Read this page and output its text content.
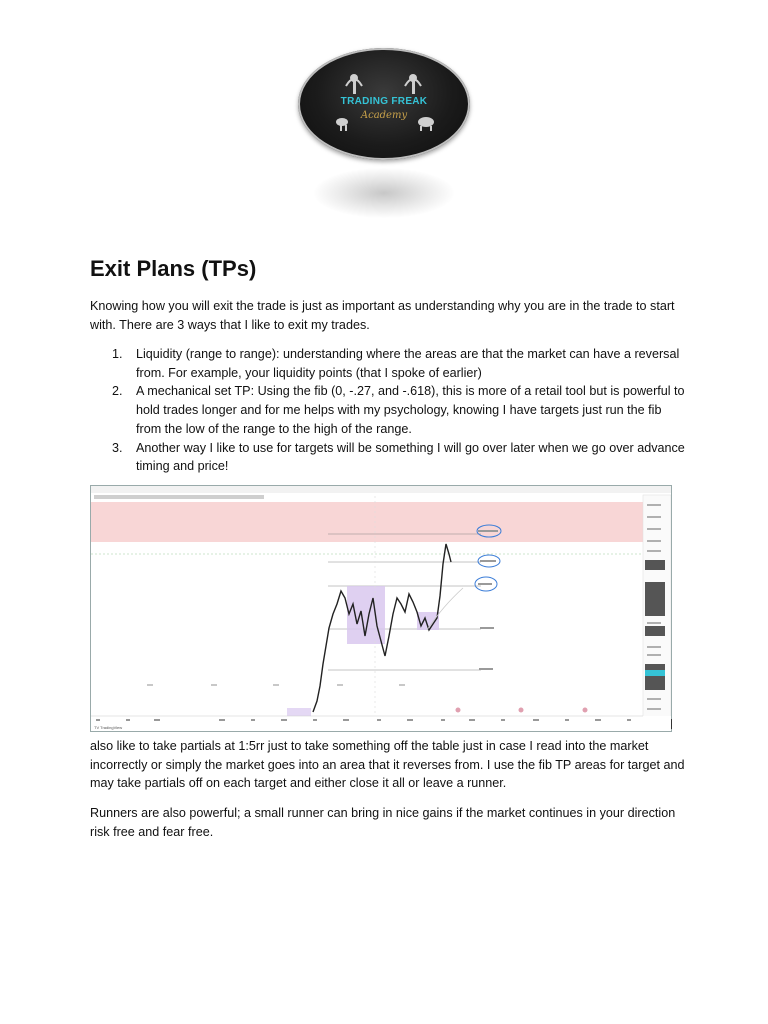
TRADING FREAK
Academy
Exit Plans (TPs)

Knowing how you will exit the trade is just as important as understanding why you are in the trade to start with. There are 3 ways that I like to exit my trades.

1. Liquidity (range to range): understanding where the areas are that the market can have a reversal from. For example, your liquidity points (that I spoke of earlier)
2. A mechanical set TP: Using the fib (0, -.27, and -.618), this is more of a retail tool but is powerful to hold trades longer and for me helps with my psychology, knowing I have targets just run the fib from the low of the range to the high of the range.
3. Another way I like to use for targets will be something I will go over later when we go over advance timing and price!
TV TradingView

also like to take partials at 1:5rr just to take something off the table just in case I read into the market incorrectly or simply the market goes into an area that it reverses from. I use the fib TP areas for target and may take partials off on each target and either close it all or leave a runner.

Runners are also powerful; a small runner can bring in nice gains if the market continues in your direction risk free and fear free.
